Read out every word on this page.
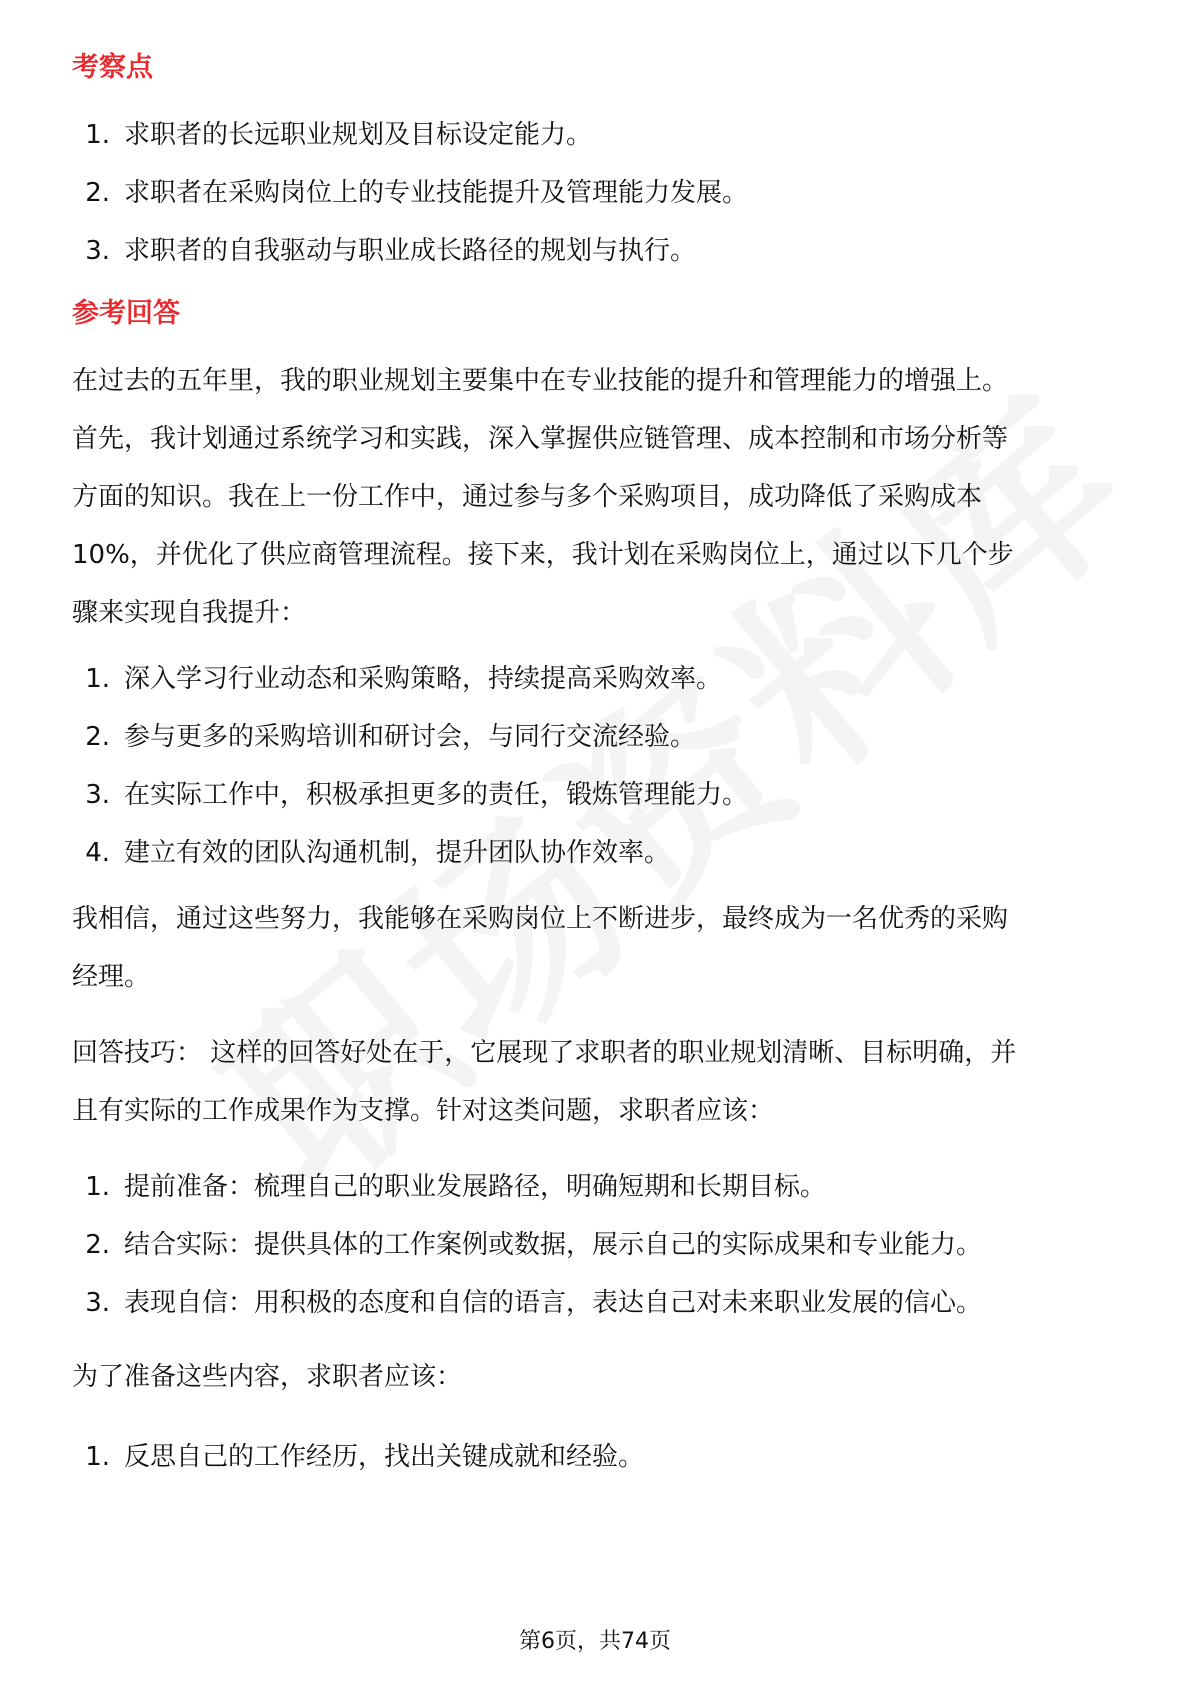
考察点

1. 求职者的长远职业规划及目标设定能力。
2. 求职者在采购岗位上的专业技能提升及管理能力发展。
3. 求职者的自我驱动与职业成长路径的规划与执行。

参考回答

在过去的五年里，我的职业规划主要集中在专业技能的提升和管理能力的增强上。

首先，我计划通过系统学习和实践，深入掌握供应链管理、成本控制和市场分析等

方面的知识。我在上一份工作中，通过参与多个采购项目，成功降低了采购成本

10%，并优化了供应商管理流程。接下来，我计划在采购岗位上，通过以下几个步

骤来实现自我提升：

1. 深入学习行业动态和采购策略，持续提高采购效率。
2. 参与更多的采购培训和研讨会，与同行交流经验。
3. 在实际工作中，积极承担更多的责任，锻炼管理能力。
4. 建立有效的团队沟通机制，提升团队协作效率。

我相信，通过这些努力，我能够在采购岗位上不断进步，最终成为一名优秀的采购

经理。

回答技巧： 这样的回答好处在于，它展现了求职者的职业规划清晰、目标明确，并

且有实际的工作成果作为支撑。针对这类问题，求职者应该：

1. 提前准备：梳理自己的职业发展路径，明确短期和长期目标。
2. 结合实际：提供具体的工作案例或数据，展示自己的实际成果和专业能力。
3. 表现自信：用积极的态度和自信的语言，表达自己对未来职业发展的信心。

为了准备这些内容，求职者应该：

1. 反思自己的工作经历，找出关键成就和经验。
第6页，共74页
